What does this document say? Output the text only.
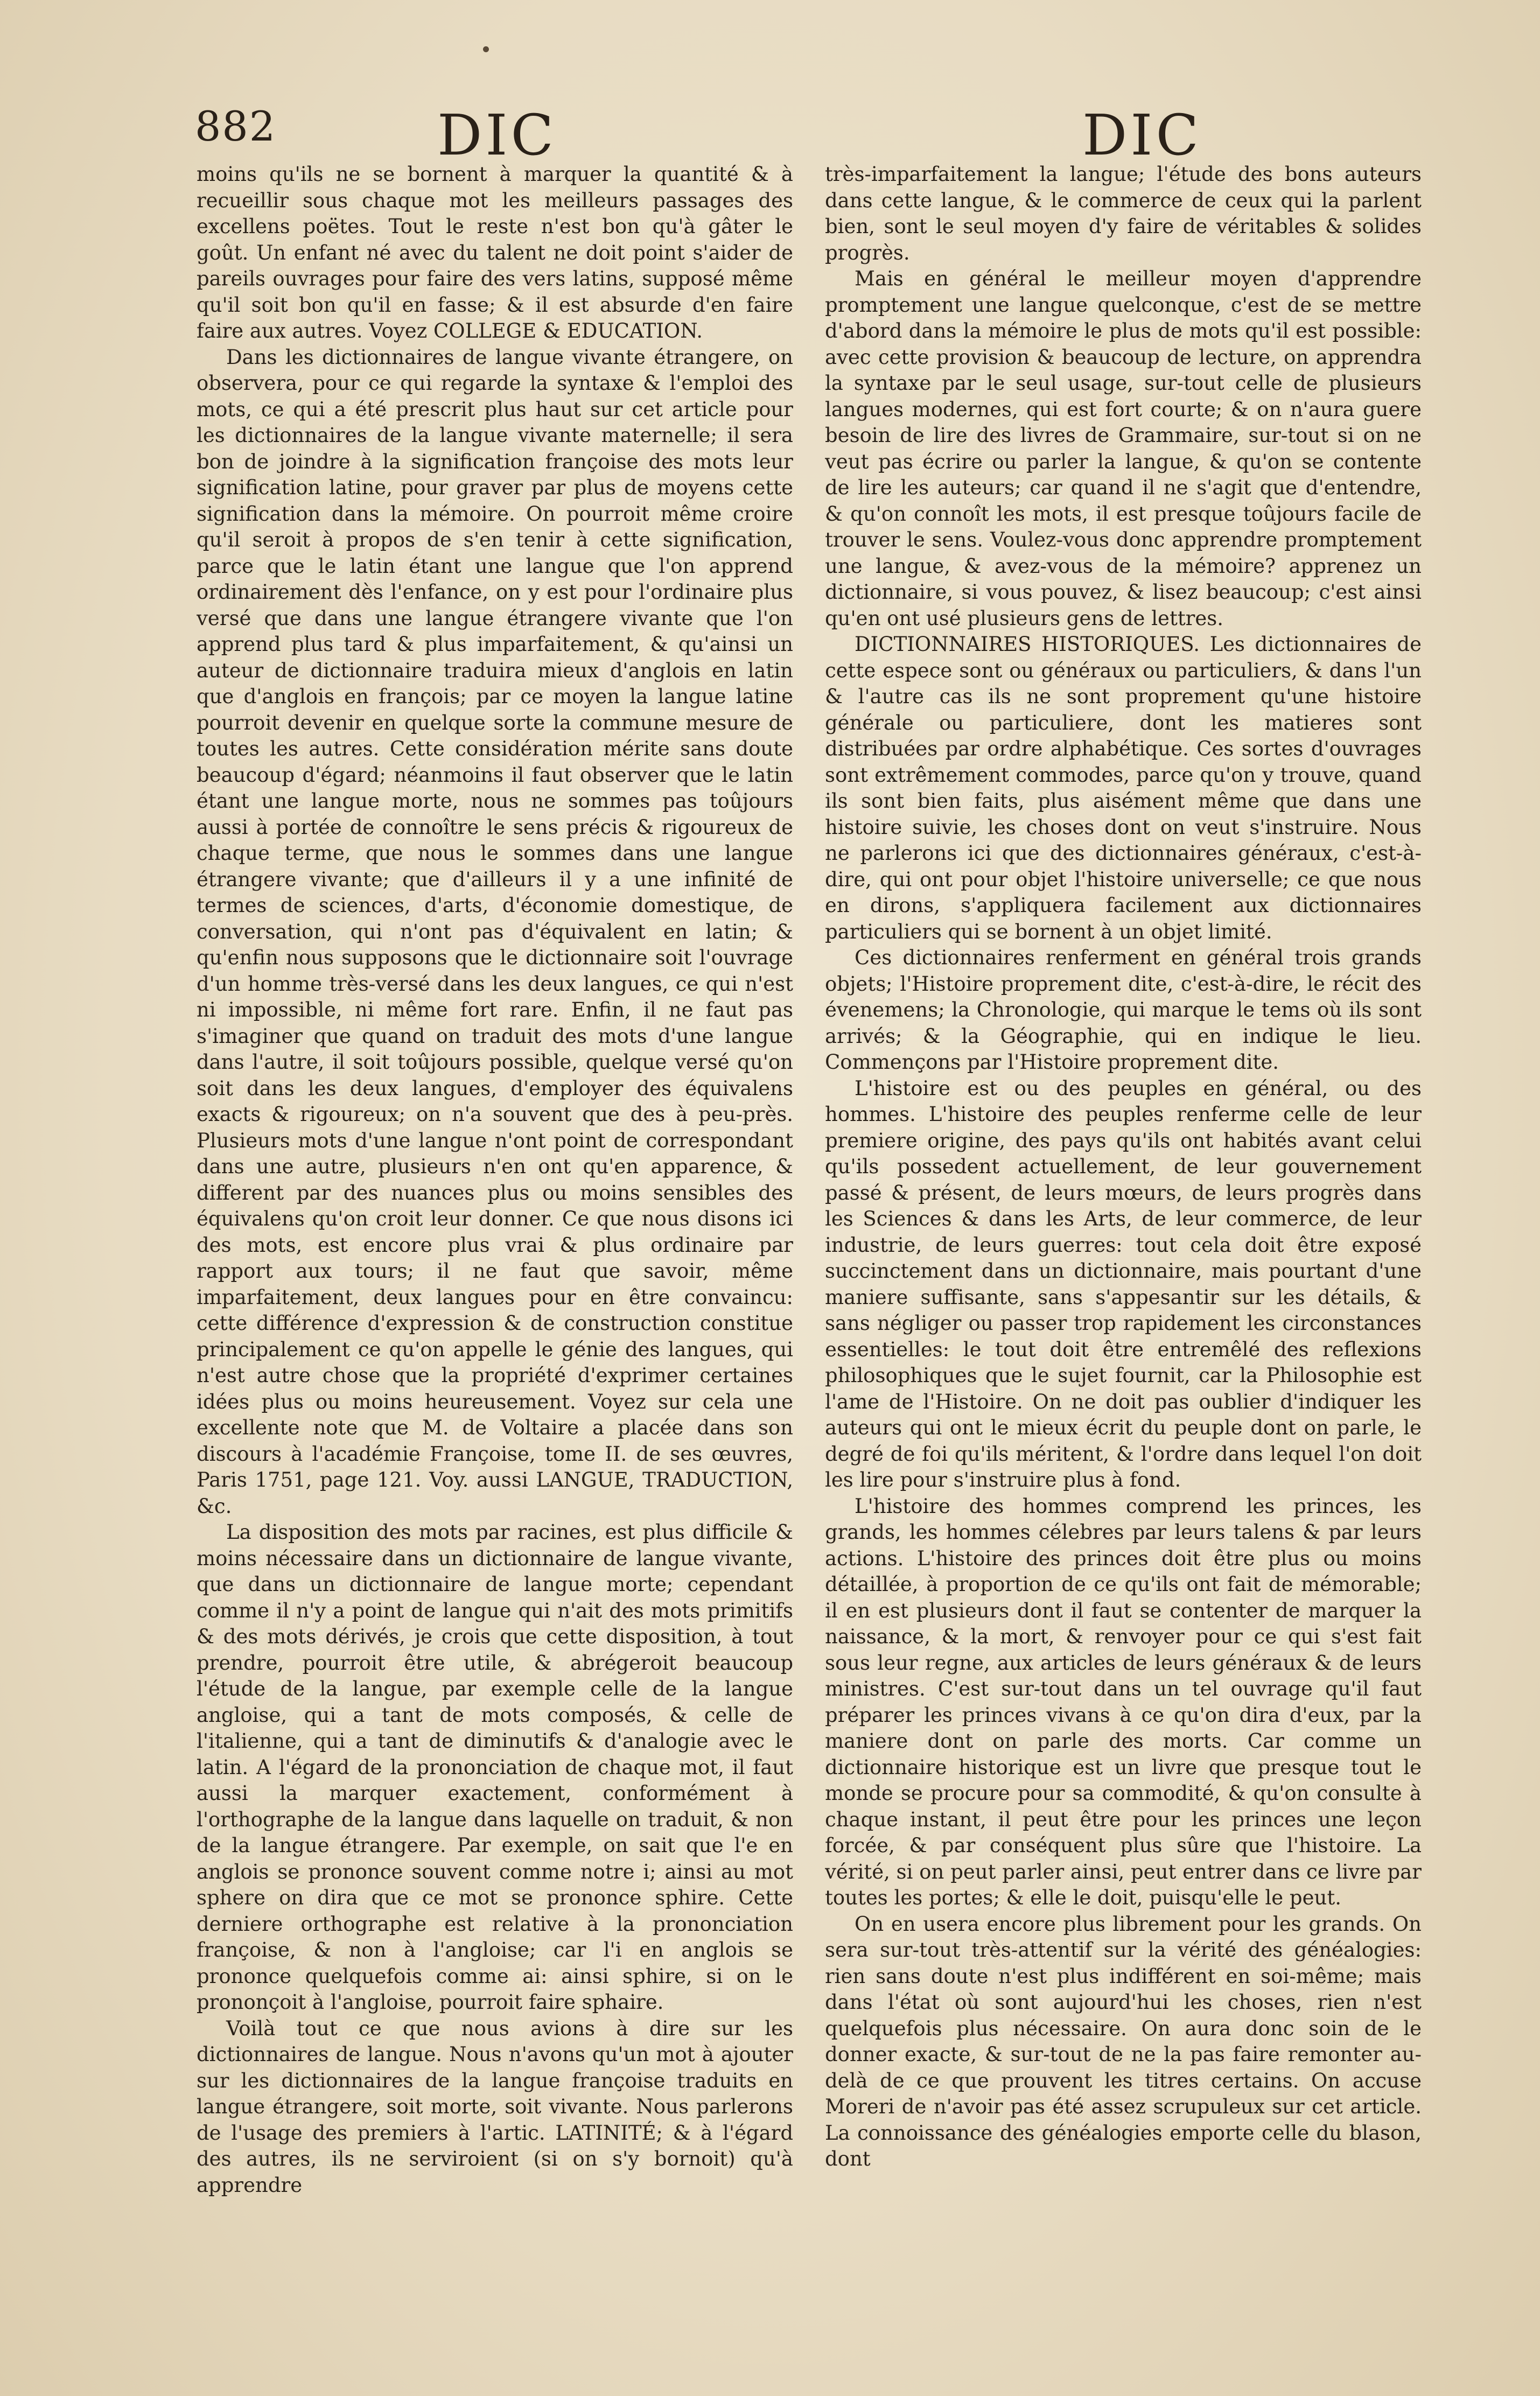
882	DIC	DIC

moins qu'ils ne se bornent à marquer la quantité & à recueillir sous chaque mot les meilleurs passages des excellens poëtes. Tout le reste n'est bon qu'à gâter le goût. Un enfant né avec du talent ne doit point s'aider de pareils ouvrages pour faire des vers latins, supposé même qu'il soit bon qu'il en fasse; & il est absurde d'en faire faire aux autres. Voyez COLLEGE & EDUCATION.

Dans les dictionnaires de langue vivante étrangere, on observera, pour ce qui regarde la syntaxe & l'emploi des mots, ce qui a été prescrit plus haut sur cet article pour les dictionnaires de la langue vivante maternelle; il sera bon de joindre à la signification françoise des mots leur signification latine, pour graver par plus de moyens cette signification dans la mémoire. On pourroit même croire qu'il seroit à propos de s'en tenir à cette signification, parce que le latin étant une langue que l'on apprend ordinairement dès l'enfance, on y est pour l'ordinaire plus versé que dans une langue étrangere vivante que l'on apprend plus tard & plus imparfaitement, & qu'ainsi un auteur de dictionnaire traduira mieux d'anglois en latin que d'anglois en françois; par ce moyen la langue latine pourroit devenir en quelque sorte la commune mesure de toutes les autres. Cette considération mérite sans doute beaucoup d'égard; néanmoins il faut observer que le latin étant une langue morte, nous ne sommes pas toûjours aussi à portée de connoître le sens précis & rigoureux de chaque terme, que nous le sommes dans une langue étrangere vivante; que d'ailleurs il y a une infinité de termes de sciences, d'arts, d'économie domestique, de conversation, qui n'ont pas d'équivalent en latin; & qu'enfin nous supposons que le dictionnaire soit l'ouvrage d'un homme très-versé dans les deux langues, ce qui n'est ni impossible, ni même fort rare. Enfin, il ne faut pas s'imaginer que quand on traduit des mots d'une langue dans l'autre, il soit toûjours possible, quelque versé qu'on soit dans les deux langues, d'employer des équivalens exacts & rigoureux; on n'a souvent que des à peu-près. Plusieurs mots d'une langue n'ont point de correspondant dans une autre, plusieurs n'en ont qu'en apparence, & different par des nuances plus ou moins sensibles des équivalens qu'on croit leur donner. Ce que nous disons ici des mots, est encore plus vrai & plus ordinaire par rapport aux tours; il ne faut que savoir, même imparfaitement, deux langues pour en être convaincu: cette différence d'expression & de construction constitue principalement ce qu'on appelle le génie des langues, qui n'est autre chose que la propriété d'exprimer certaines idées plus ou moins heureusement. Voyez sur cela une excellente note que M. de Voltaire a placée dans son discours à l'académie Françoise, tome II. de ses œuvres, Paris 1751, page 121. Voy. aussi LANGUE, TRADUCTION, &c.

La disposition des mots par racines, est plus difficile & moins nécessaire dans un dictionnaire de langue vivante, que dans un dictionnaire de langue morte; cependant comme il n'y a point de langue qui n'ait des mots primitifs & des mots dérivés, je crois que cette disposition, à tout prendre, pourroit être utile, & abrégeroit beaucoup l'étude de la langue, par exemple celle de la langue angloise, qui a tant de mots composés, & celle de l'italienne, qui a tant de diminutifs & d'analogie avec le latin. A l'égard de la prononciation de chaque mot, il faut aussi la marquer exactement, conformément à l'orthographe de la langue dans laquelle on traduit, & non de la langue étrangere. Par exemple, on sait que l'e en anglois se prononce souvent comme notre i; ainsi au mot sphere on dira que ce mot se prononce sphire. Cette derniere orthographe est relative à la prononciation françoise, & non à l'angloise; car l'i en anglois se prononce quelquefois comme ai: ainsi sphire, si on le prononçoit à l'angloise, pourroit faire sphaire.

Voilà tout ce que nous avions à dire sur les dictionnaires de langue. Nous n'avons qu'un mot à ajouter sur les dictionnaires de la langue françoise traduits en langue étrangere, soit morte, soit vivante. Nous parlerons de l'usage des premiers à l'artic. LATINITÉ; & à l'égard des autres, ils ne serviroient (si on s'y bornoit) qu'à apprendre

très-imparfaitement la langue; l'étude des bons auteurs dans cette langue, & le commerce de ceux qui la parlent bien, sont le seul moyen d'y faire de véritables & solides progrès.

Mais en général le meilleur moyen d'apprendre promptement une langue quelconque, c'est de se mettre d'abord dans la mémoire le plus de mots qu'il est possible: avec cette provision & beaucoup de lecture, on apprendra la syntaxe par le seul usage, sur-tout celle de plusieurs langues modernes, qui est fort courte; & on n'aura guere besoin de lire des livres de Grammaire, sur-tout si on ne veut pas écrire ou parler la langue, & qu'on se contente de lire les auteurs; car quand il ne s'agit que d'entendre, & qu'on connoît les mots, il est presque toûjours facile de trouver le sens. Voulez-vous donc apprendre promptement une langue, & avez-vous de la mémoire? apprenez un dictionnaire, si vous pouvez, & lisez beaucoup; c'est ainsi qu'en ont usé plusieurs gens de lettres.

DICTIONNAIRES HISTORIQUES. Les dictionnaires de cette espece sont ou généraux ou particuliers, & dans l'un & l'autre cas ils ne sont proprement qu'une histoire générale ou particuliere, dont les matieres sont distribuées par ordre alphabétique. Ces sortes d'ouvrages sont extrêmement commodes, parce qu'on y trouve, quand ils sont bien faits, plus aisément même que dans une histoire suivie, les choses dont on veut s'instruire. Nous ne parlerons ici que des dictionnaires généraux, c'est-à-dire, qui ont pour objet l'histoire universelle; ce que nous en dirons, s'appliquera facilement aux dictionnaires particuliers qui se bornent à un objet limité.

Ces dictionnaires renferment en général trois grands objets; l'Histoire proprement dite, c'est-à-dire, le récit des évenemens; la Chronologie, qui marque le tems où ils sont arrivés; & la Géographie, qui en indique le lieu. Commençons par l'Histoire proprement dite.

L'histoire est ou des peuples en général, ou des hommes. L'histoire des peuples renferme celle de leur premiere origine, des pays qu'ils ont habités avant celui qu'ils possedent actuellement, de leur gouvernement passé & présent, de leurs mœurs, de leurs progrès dans les Sciences & dans les Arts, de leur commerce, de leur industrie, de leurs guerres: tout cela doit être exposé succinctement dans un dictionnaire, mais pourtant d'une maniere suffisante, sans s'appesantir sur les détails, & sans négliger ou passer trop rapidement les circonstances essentielles: le tout doit être entremêlé des reflexions philosophiques que le sujet fournit, car la Philosophie est l'ame de l'Histoire. On ne doit pas oublier d'indiquer les auteurs qui ont le mieux écrit du peuple dont on parle, le degré de foi qu'ils méritent, & l'ordre dans lequel l'on doit les lire pour s'instruire plus à fond.

L'histoire des hommes comprend les princes, les grands, les hommes célebres par leurs talens & par leurs actions. L'histoire des princes doit être plus ou moins détaillée, à proportion de ce qu'ils ont fait de mémorable; il en est plusieurs dont il faut se contenter de marquer la naissance, & la mort, & renvoyer pour ce qui s'est fait sous leur regne, aux articles de leurs généraux & de leurs ministres. C'est sur-tout dans un tel ouvrage qu'il faut préparer les princes vivans à ce qu'on dira d'eux, par la maniere dont on parle des morts. Car comme un dictionnaire historique est un livre que presque tout le monde se procure pour sa commodité, & qu'on consulte à chaque instant, il peut être pour les princes une leçon forcée, & par conséquent plus sûre que l'histoire. La vérité, si on peut parler ainsi, peut entrer dans ce livre par toutes les portes; & elle le doit, puisqu'elle le peut.

On en usera encore plus librement pour les grands. On sera sur-tout très-attentif sur la vérité des généalogies: rien sans doute n'est plus indifférent en soi-même; mais dans l'état où sont aujourd'hui les choses, rien n'est quelquefois plus nécessaire. On aura donc soin de le donner exacte, & sur-tout de ne la pas faire remonter au-delà de ce que prouvent les titres certains. On accuse Moreri de n'avoir pas été assez scrupuleux sur cet article. La connoissance des généalogies emporte celle du blason, dont
